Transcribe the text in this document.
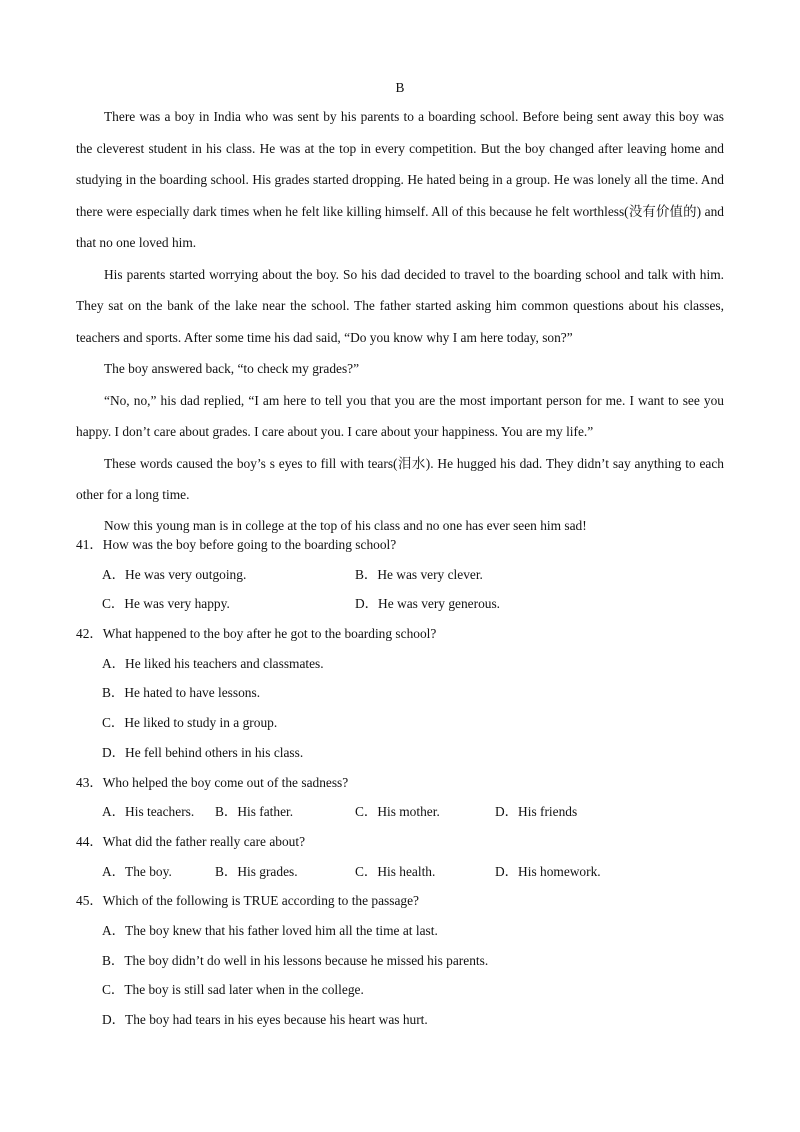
B

There was a boy in India who was sent by his parents to a boarding school. Before being sent away this boy was the cleverest student in his class. He was at the top in every competition. But the boy changed after leaving home and studying in the boarding school. His grades started dropping. He hated being in a group. He was lonely all the time. And there were especially dark times when he felt like killing himself. All of this because he felt worthless(没有价值的) and that no one loved him.

His parents started worrying about the boy. So his dad decided to travel to the boarding school and talk with him. They sat on the bank of the lake near the school. The father started asking him common questions about his classes, teachers and sports. After some time his dad said, “Do you know why I am here today, son?”

The boy answered back, “to check my grades?”

“No, no,” his dad replied, “I am here to tell you that you are the most important person for me. I want to see you happy. I don’t care about grades. I care about you. I care about your happiness. You are my life.”

These words caused the boy’s s eyes to fill with tears(泪水). He hugged his dad. They didn’t say anything to each other for a long time.

Now this young man is in college at the top of his class and no one has ever seen him sad!

41．How was the boy before going to the boarding school?
A．He was very outgoing.	B．He was very clever.
C．He was very happy.	D．He was very generous.
42．What happened to the boy after he got to the boarding school?
A．He liked his teachers and classmates.
B．He hated to have lessons.
C．He liked to study in a group.
D．He fell behind others in his class.
43．Who helped the boy come out of the sadness?
A．His teachers. B．His father.	C．His mother.	D．His friends
44．What did the father really care about?
A．The boy.	B．His grades.	C．His health.	D．His homework.
45．Which of the following is TRUE according to the passage?
A．The boy knew that his father loved him all the time at last.
B．The boy didn’t do well in his lessons because he missed his parents.
C．The boy is still sad later when in the college.
D．The boy had tears in his eyes because his heart was hurt.
